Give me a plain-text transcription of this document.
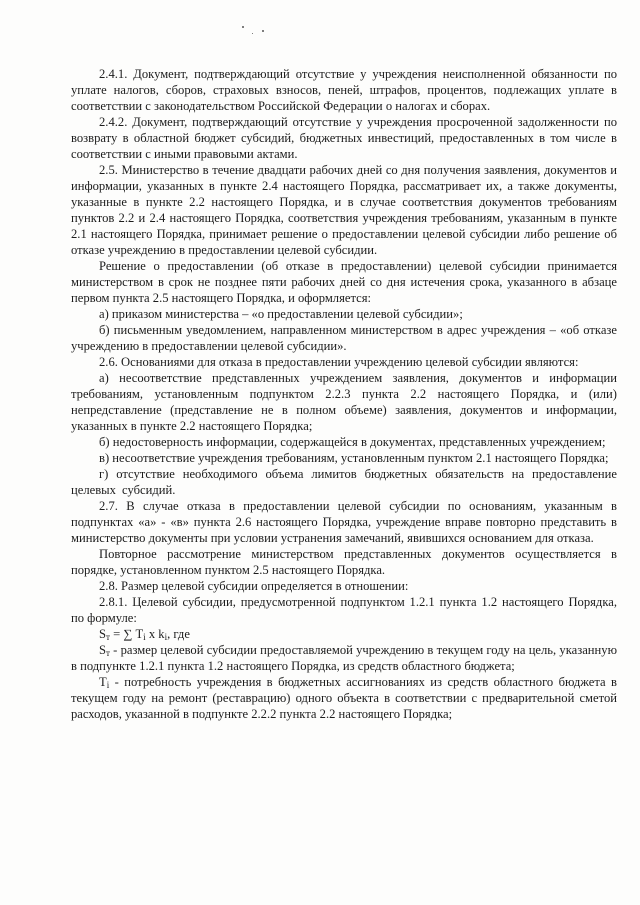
2.4.1. Документ, подтверждающий отсутствие у учреждения неисполненной обязанности по уплате налогов, сборов, страховых взносов, пеней, штрафов, процентов, подлежащих уплате в соответствии с законодательством Российской Федерации о налогах и сборах.

2.4.2. Документ, подтверждающий отсутствие у учреждения просроченной задолженности по возврату в областной бюджет субсидий, бюджетных инвестиций, предоставленных в том числе в соответствии с иными правовыми актами.

2.5. Министерство в течение двадцати рабочих дней со дня получения заявления, документов и информации, указанных в пункте 2.4 настоящего Порядка, рассматривает их, а также документы, указанные в пункте 2.2 настоящего Порядка, и в случае соответствия документов требованиям пунктов 2.2 и 2.4 настоящего Порядка, соответствия учреждения требованиям, указанным в пункте 2.1 настоящего Порядка, принимает решение о предоставлении целевой субсидии либо решение об отказе учреждению в предоставлении целевой субсидии.

Решение о предоставлении (об отказе в предоставлении) целевой субсидии принимается министерством в срок не позднее пяти рабочих дней со дня истечения срока, указанного в абзаце первом пункта 2.5 настоящего Порядка, и оформляется:

а) приказом министерства – «о предоставлении целевой субсидии»;

б) письменным уведомлением, направленном министерством в адрес учреждения – «об отказе учреждению в предоставлении целевой субсидии».

2.6. Основаниями для отказа в предоставлении учреждению целевой субсидии являются:

а) несоответствие представленных учреждением заявления, документов и информации требованиям, установленным подпунктом 2.2.3 пункта 2.2 настоящего Порядка, и (или) непредставление (представление не в полном объеме) заявления, документов и информации, указанных в пункте 2.2 настоящего Порядка;

б) недостоверность информации, содержащейся в документах, представленных учреждением;

в) несоответствие учреждения требованиям, установленным пунктом 2.1 настоящего Порядка;

г) отсутствие необходимого объема лимитов бюджетных обязательств на предоставление целевых субсидий.

2.7. В случае отказа в предоставлении целевой субсидии по основаниям, указанным в подпунктах «а» - «в» пункта 2.6 настоящего Порядка, учреждение вправе повторно представить в министерство документы при условии устранения замечаний, явившихся основанием для отказа.

Повторное рассмотрение министерством представленных документов осуществляется в порядке, установленном пунктом 2.5 настоящего Порядка.

2.8. Размер целевой субсидии определяется в отношении:

2.8.1. Целевой субсидии, предусмотренной подпунктом 1.2.1 пункта 1.2 настоящего Порядка, по формуле:

$S_т$ = ∑ $T_i$ x $k_i$, где

$S_т$ - размер целевой субсидии предоставляемой учреждению в текущем году на цель, указанную в подпункте 1.2.1 пункта 1.2 настоящего Порядка, из средств областного бюджета;

$T_i$ - потребность учреждения в бюджетных ассигнованиях из средств областного бюджета в текущем году на ремонт (реставрацию) одного объекта в соответствии с предварительной сметой расходов, указанной в подпункте 2.2.2 пункта 2.2 настоящего Порядка;
